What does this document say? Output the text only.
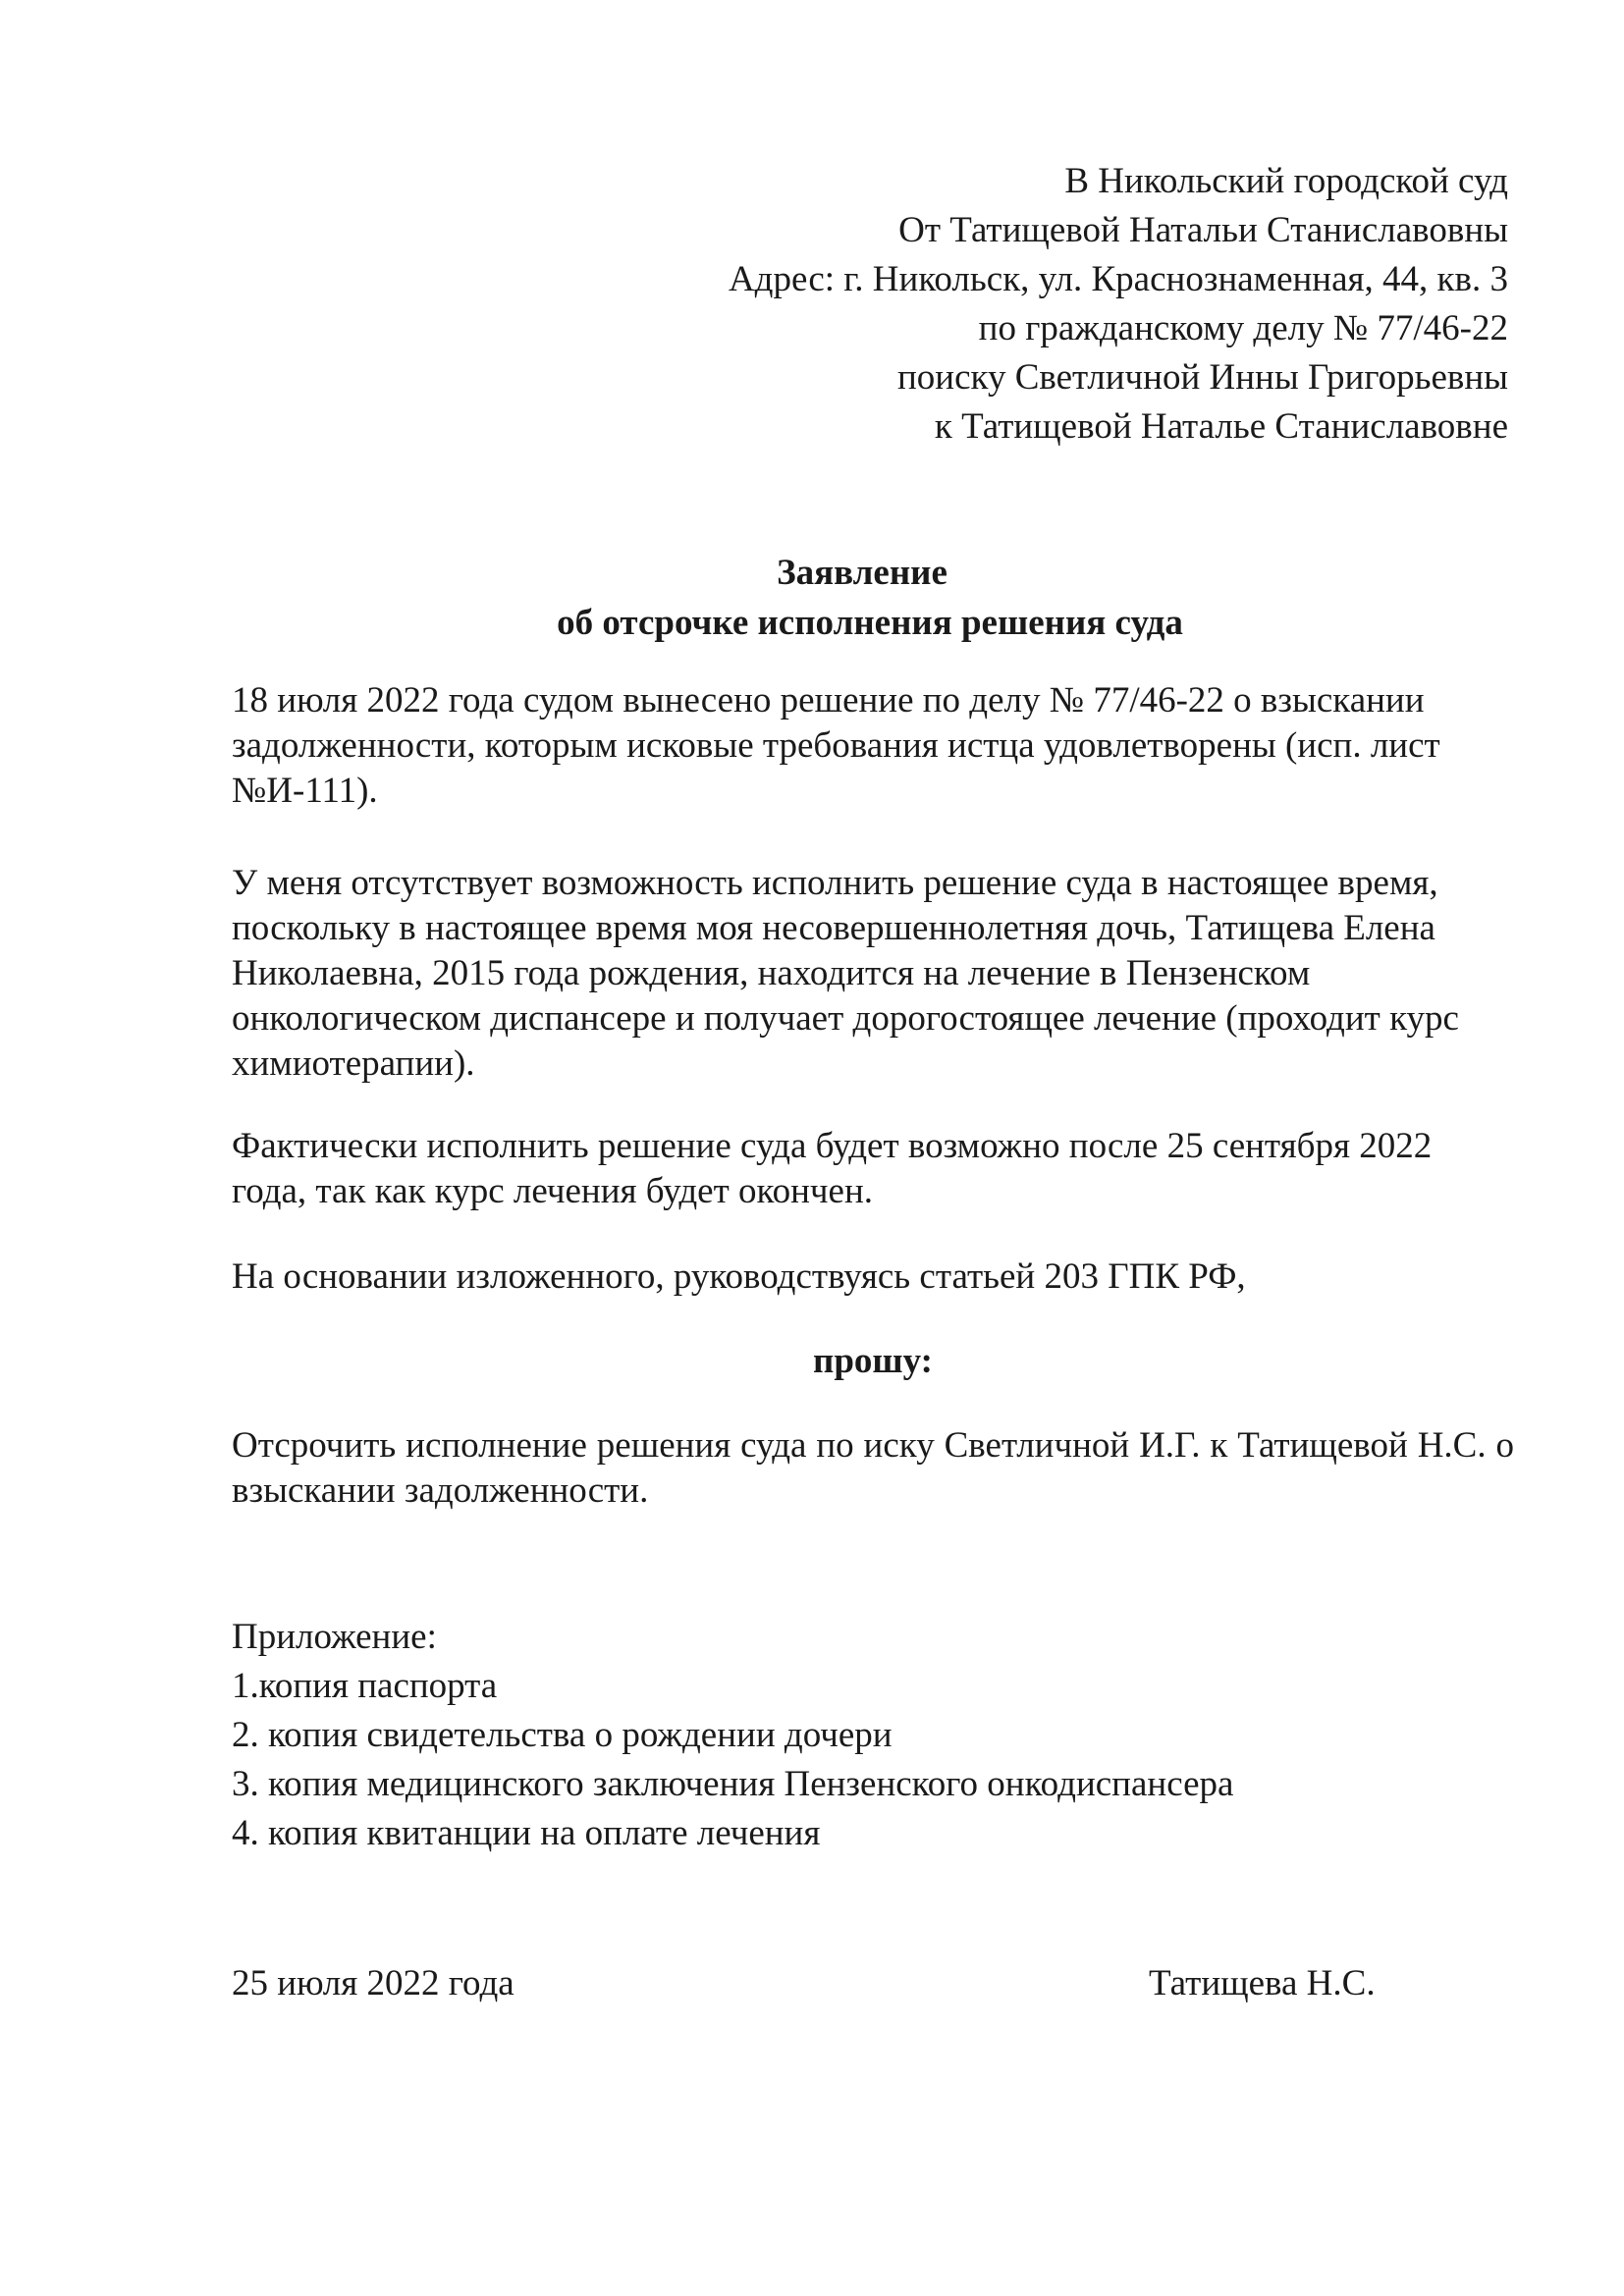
В Никольский городской суд
От Татищевой Натальи Станиславовны
Адрес: г. Никольск, ул. Краснознаменная, 44, кв. 3
по гражданскому делу № 77/46-22
поиску Светличной Инны Григорьевны
к Татищевой Наталье Станиславовне
Заявление
об отсрочке исполнения решения суда
18 июля 2022 года судом вынесено решение по делу № 77/46-22 о взыскании задолженности, которым исковые требования истца удовлетворены (исп. лист №И-111).
У меня отсутствует возможность исполнить решение суда в настоящее время, поскольку в настоящее время моя несовершеннолетняя дочь, Татищева Елена Николаевна, 2015 года рождения, находится на лечение в Пензенском онкологическом диспансере и получает дорогостоящее лечение (проходит курс химиотерапии).
Фактически исполнить решение суда будет возможно после 25 сентября 2022 года, так как курс лечения будет окончен.
На основании изложенного, руководствуясь статьей 203 ГПК РФ,
прошу:
Отсрочить исполнение решения суда по иску Светличной И.Г. к Татищевой Н.С. о взыскании задолженности.
Приложение:
1.копия паспорта
2. копия свидетельства о рождении дочери
3. копия медицинского заключения Пензенского онкодиспансера
4. копия квитанции на оплате лечения
25 июля 2022 года	Татищева Н.С.
